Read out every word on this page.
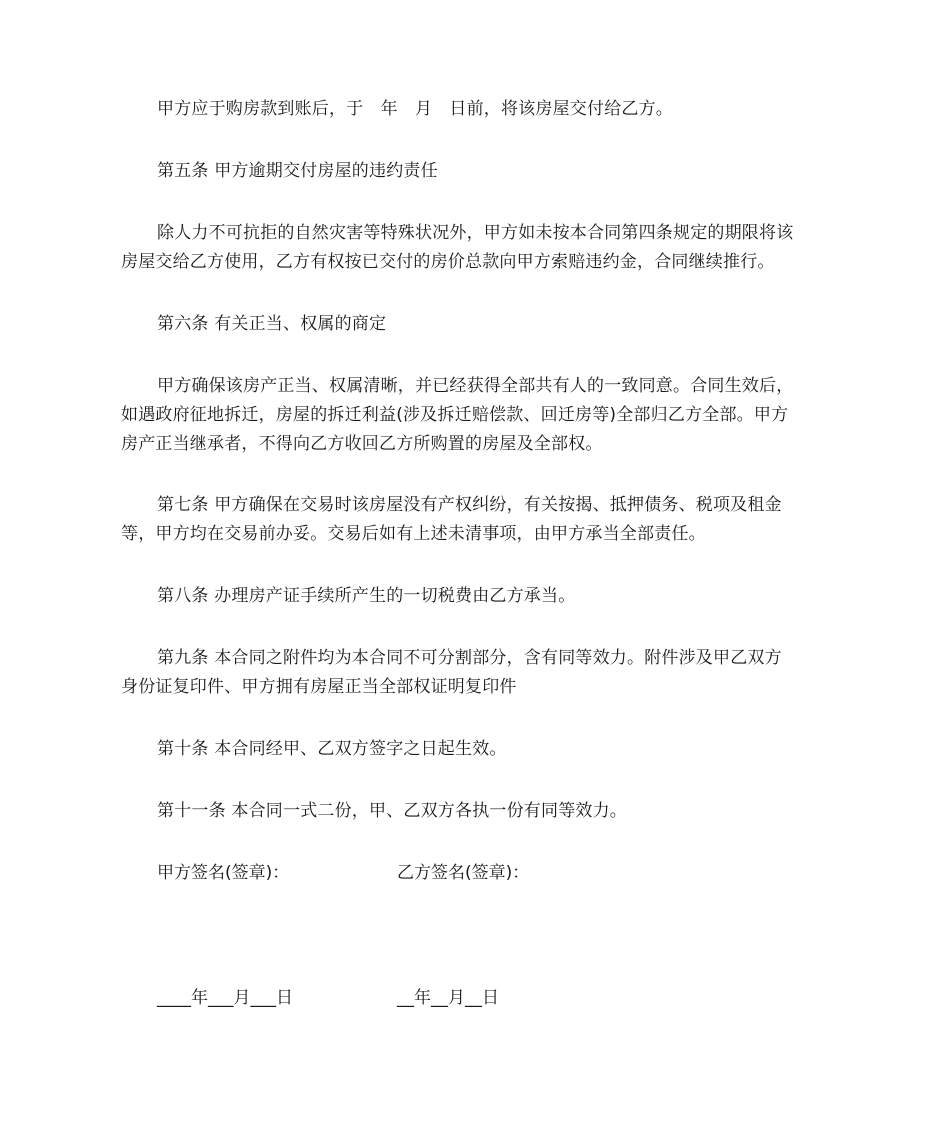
甲方应于购房款到账后，于　年　月　日前，将该房屋交付给乙方。

第五条 甲方逾期交付房屋的违约责任

除人力不可抗拒的自然灾害等特殊状况外，甲方如未按本合同第四条规定的期限将该
房屋交给乙方使用，乙方有权按已交付的房价总款向甲方索赔违约金，合同继续推行。

第六条 有关正当、权属的商定

甲方确保该房产正当、权属清晰，并已经获得全部共有人的一致同意。合同生效后，
如遇政府征地拆迁，房屋的拆迁利益(涉及拆迁赔偿款、回迁房等)全部归乙方全部。甲方
房产正当继承者，不得向乙方收回乙方所购置的房屋及全部权。

第七条 甲方确保在交易时该房屋没有产权纠纷，有关按揭、抵押债务、税项及租金
等，甲方均在交易前办妥。交易后如有上述未清事项，由甲方承当全部责任。

第八条 办理房产证手续所产生的一切税费由乙方承当。

第九条 本合同之附件均为本合同不可分割部分，含有同等效力。附件涉及甲乙双方
身份证复印件、甲方拥有房屋正当全部权证明复印件

第十条 本合同经甲、乙双方签字之日起生效。

第十一条 本合同一式二份，甲、乙双方各执一份有同等效力。

甲方签名(签章)：	乙方签名(签章)：

____年___月___日	__年__月__日
